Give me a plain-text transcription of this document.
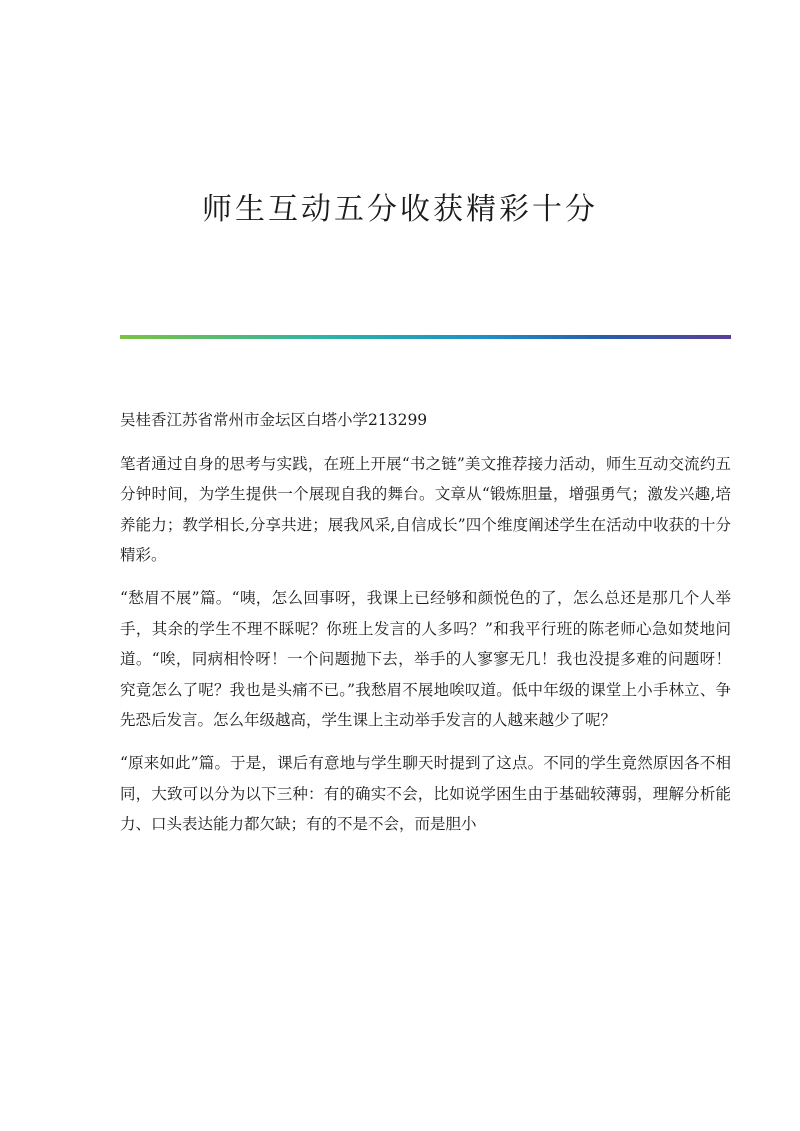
师生互动五分收获精彩十分

吴桂香江苏省常州市金坛区白塔小学213299

笔者通过自身的思考与实践，在班上开展“书之链”美文推荐接力活动，师生互动交流约五分钟时间，为学生提供一个展现自我的舞台。文章从“锻炼胆量，增强勇气；激发兴趣,培养能力；教学相长,分享共进；展我风采,自信成长”四个维度阐述学生在活动中收获的十分精彩。

“愁眉不展”篇。“咦，怎么回事呀，我课上已经够和颜悦色的了，怎么总还是那几个人举手，其余的学生不理不睬呢？你班上发言的人多吗？”和我平行班的陈老师心急如焚地问道。“唉，同病相怜呀！一个问题抛下去，举手的人寥寥无几！我也没提多难的问题呀！究竟怎么了呢？我也是头痛不已。”我愁眉不展地唉叹道。低中年级的课堂上小手林立、争先恐后发言。怎么年级越高，学生课上主动举手发言的人越来越少了呢？

“原来如此”篇。于是，课后有意地与学生聊天时提到了这点。不同的学生竟然原因各不相同，大致可以分为以下三种：有的确实不会，比如说学困生由于基础较薄弱，理解分析能力、口头表达能力都欠缺；有的不是不会，而是胆小
